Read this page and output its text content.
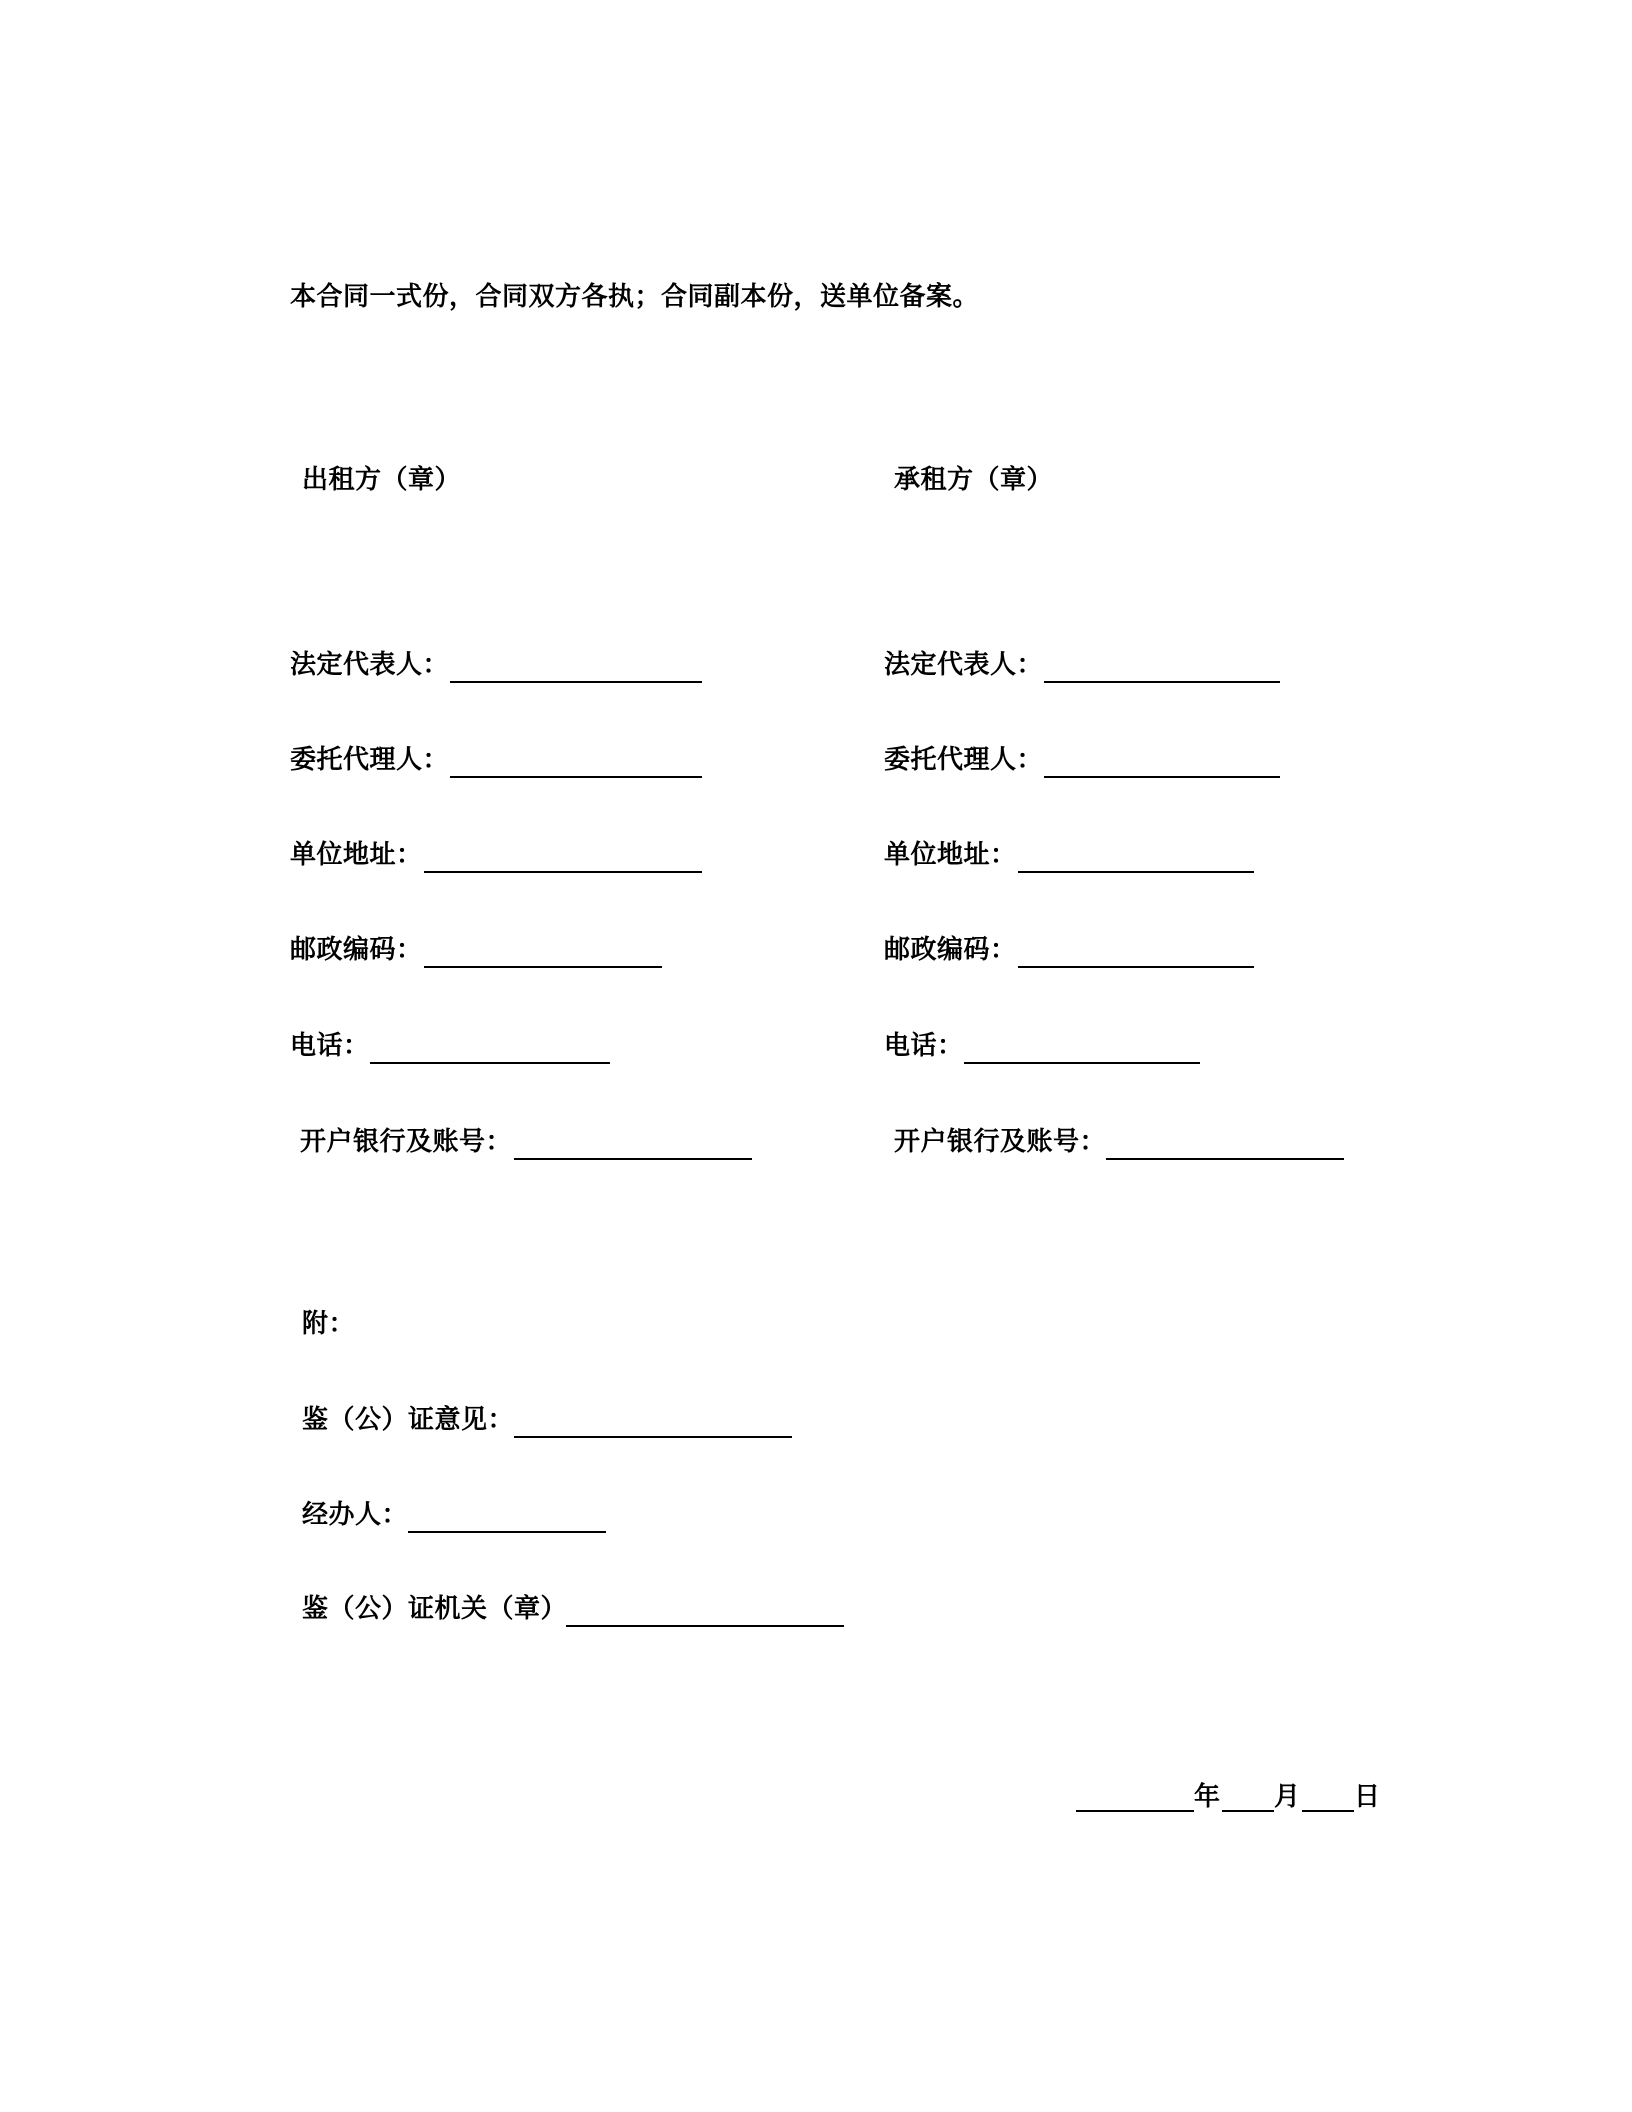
本合同一式份，合同双方各执；合同副本份，送单位备案。
出租方（章）
法定代表人：
委托代理人：
单位地址：
邮政编码：
电话：
开户银行及账号：
承租方（章）
法定代表人：
委托代理人：
单位地址：
邮政编码：
电话：
开户银行及账号：
附：
鉴（公）证意见：
经办人：
鉴（公）证机关（章）
年 月 日
